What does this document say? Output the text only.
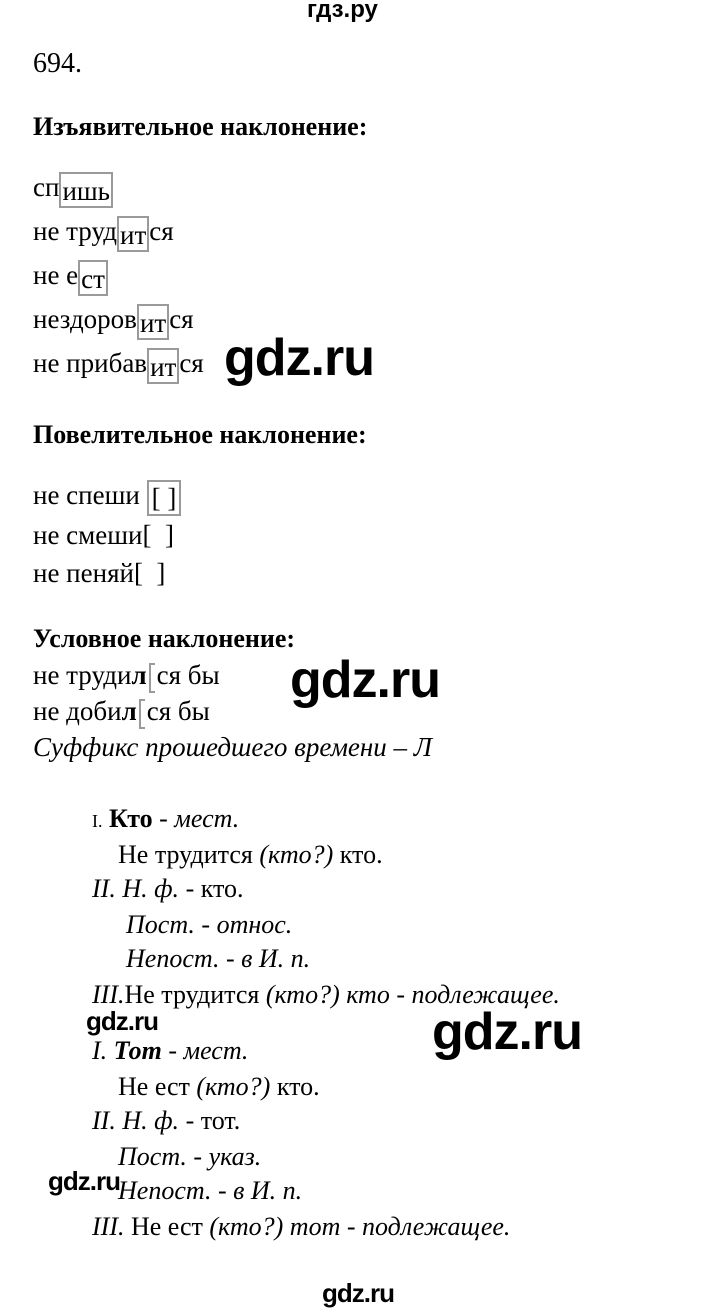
гдз.ру
694.
Изъявительное наклонение:
сп ишь
не труд ит ся
не е ст
нездоров ит ся
не прибав ит ся gdz.ru
Повелительное наклонение:
не спеши [ ]
не смеши[  ]
не пеняй[  ]
Условное наклонение:
не трудил ся бы
не добил ся бы
Суффикс прошедшего времени – Л
gdz.ru
I. Кто - мест.
Не трудится (кто?) кто.
II. Н. ф. - кто.
Пост. - относ.
Непост. - в И. п.
III.Не трудится (кто?) кто - подлежащее.
gdz.ru	gdz.ru
I. Тот - мест.
Не ест (кто?) кто.
II. Н. ф. - тот.
Пост. - указ.
Непост. - в И. п.
III. Не ест (кто?) тот - подлежащее.
gdz.ru
gdz.ru
